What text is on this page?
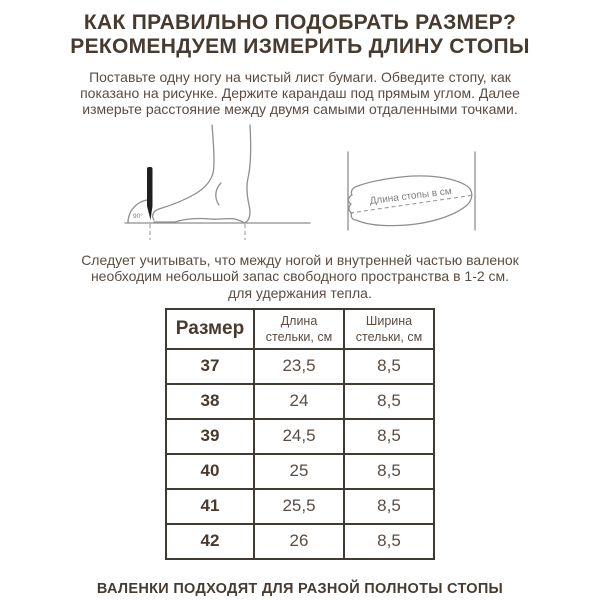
КАК ПРАВИЛЬНО ПОДОБРАТЬ РАЗМЕР?
РЕКОМЕНДУЕМ ИЗМЕРИТЬ ДЛИНУ СТОПЫ
Поставьте одну ногу на чистый лист бумаги. Обведите стопу, как
показано на рисунке. Держите карандаш под прямым углом. Далее
измерьте расстояние между двумя самыми отдаленными точками.
90°
Длина стопы в см
Следует учитывать, что между ногой и внутренней частью валенок
необходим небольшой запас свободного пространства в 1-2 см.
для удержания тепла.
Размер	Длина стельки, см	Ширина стельки, см
37	23,5	8,5
38	24	8,5
39	24,5	8,5
40	25	8,5
41	25,5	8,5
42	26	8,5
ВАЛЕНКИ ПОДХОДЯТ ДЛЯ РАЗНОЙ ПОЛНОТЫ СТОПЫ
